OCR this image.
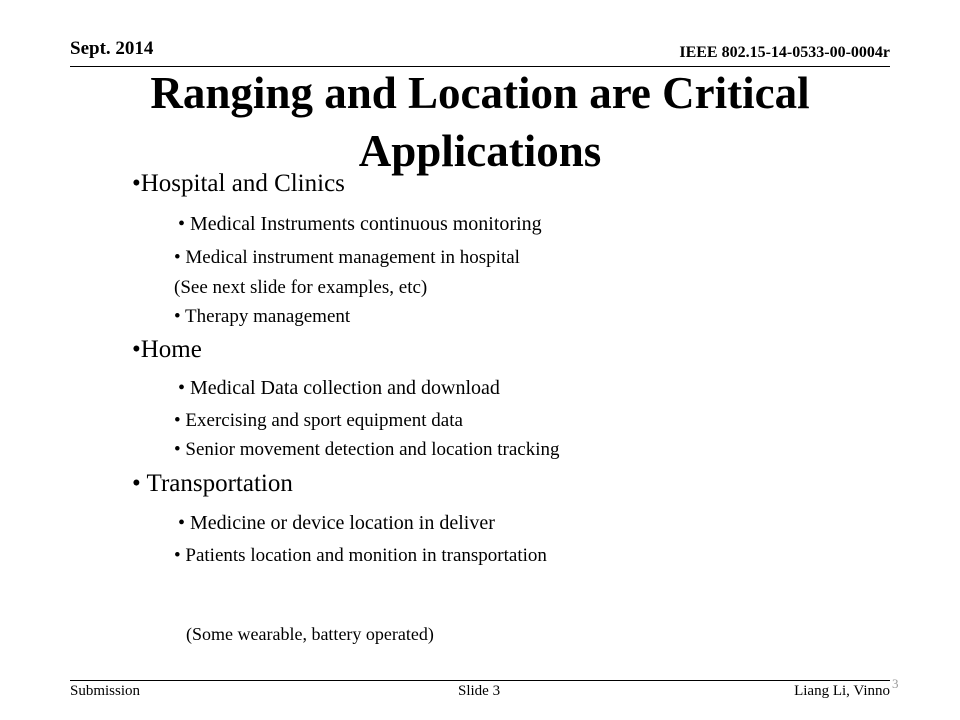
Sept. 2014	IEEE 802.15-14-0533-00-0004r
Ranging and Location are Critical Applications
•Hospital and Clinics
• Medical Instruments continuous monitoring
• Medical instrument management in hospital
(See next slide for examples, etc)
• Therapy management
•Home
• Medical Data collection and download
• Exercising and sport equipment data
• Senior movement detection and location tracking
• Transportation
• Medicine or device location in deliver
• Patients location and monition in transportation
(Some wearable, battery operated)
Submission	Slide 3	Liang Li, Vinno 3
